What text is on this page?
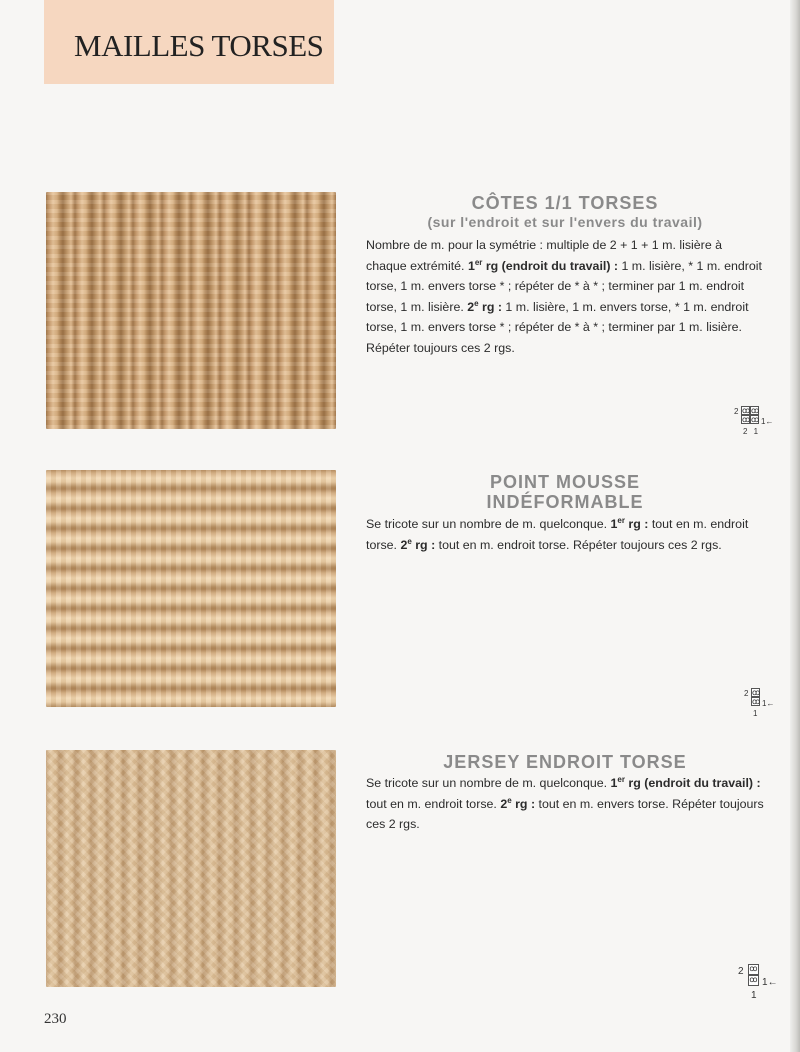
MAILLES TORSES
CÔTES 1/1 TORSES
(sur l'endroit et sur l'envers du travail)
Nombre de m. pour la symétrie : multiple de 2 + 1 + 1 m. lisière à chaque extrémité. 1er rg (endroit du travail) : 1 m. lisière, * 1 m. endroit torse, 1 m. envers torse * ; répéter de * à * ; terminer par 1 m. endroit torse, 1 m. lisière. 2e rg : 1 m. lisière, 1 m. envers torse, * 1 m. endroit torse, 1 m. envers torse * ; répéter de * à * ; terminer par 1 m. lisière. Répéter toujours ces 2 rgs.
2 ꝏ ꝏ
ꝏ ꝏ 1←
2 1
POINT MOUSSE
INDÉFORMABLE
Se tricote sur un nombre de m. quelconque. 1er rg : tout en m. endroit torse. 2e rg : tout en m. endroit torse. Répéter toujours ces 2 rgs.
2 ꝏ
ꝏ 1←
1
JERSEY ENDROIT TORSE
Se tricote sur un nombre de m. quelconque. 1er rg (endroit du travail) : tout en m. endroit torse. 2e rg : tout en m. envers torse. Répéter toujours ces 2 rgs.
2 ꝏ
ꝏ 1←
1
230
